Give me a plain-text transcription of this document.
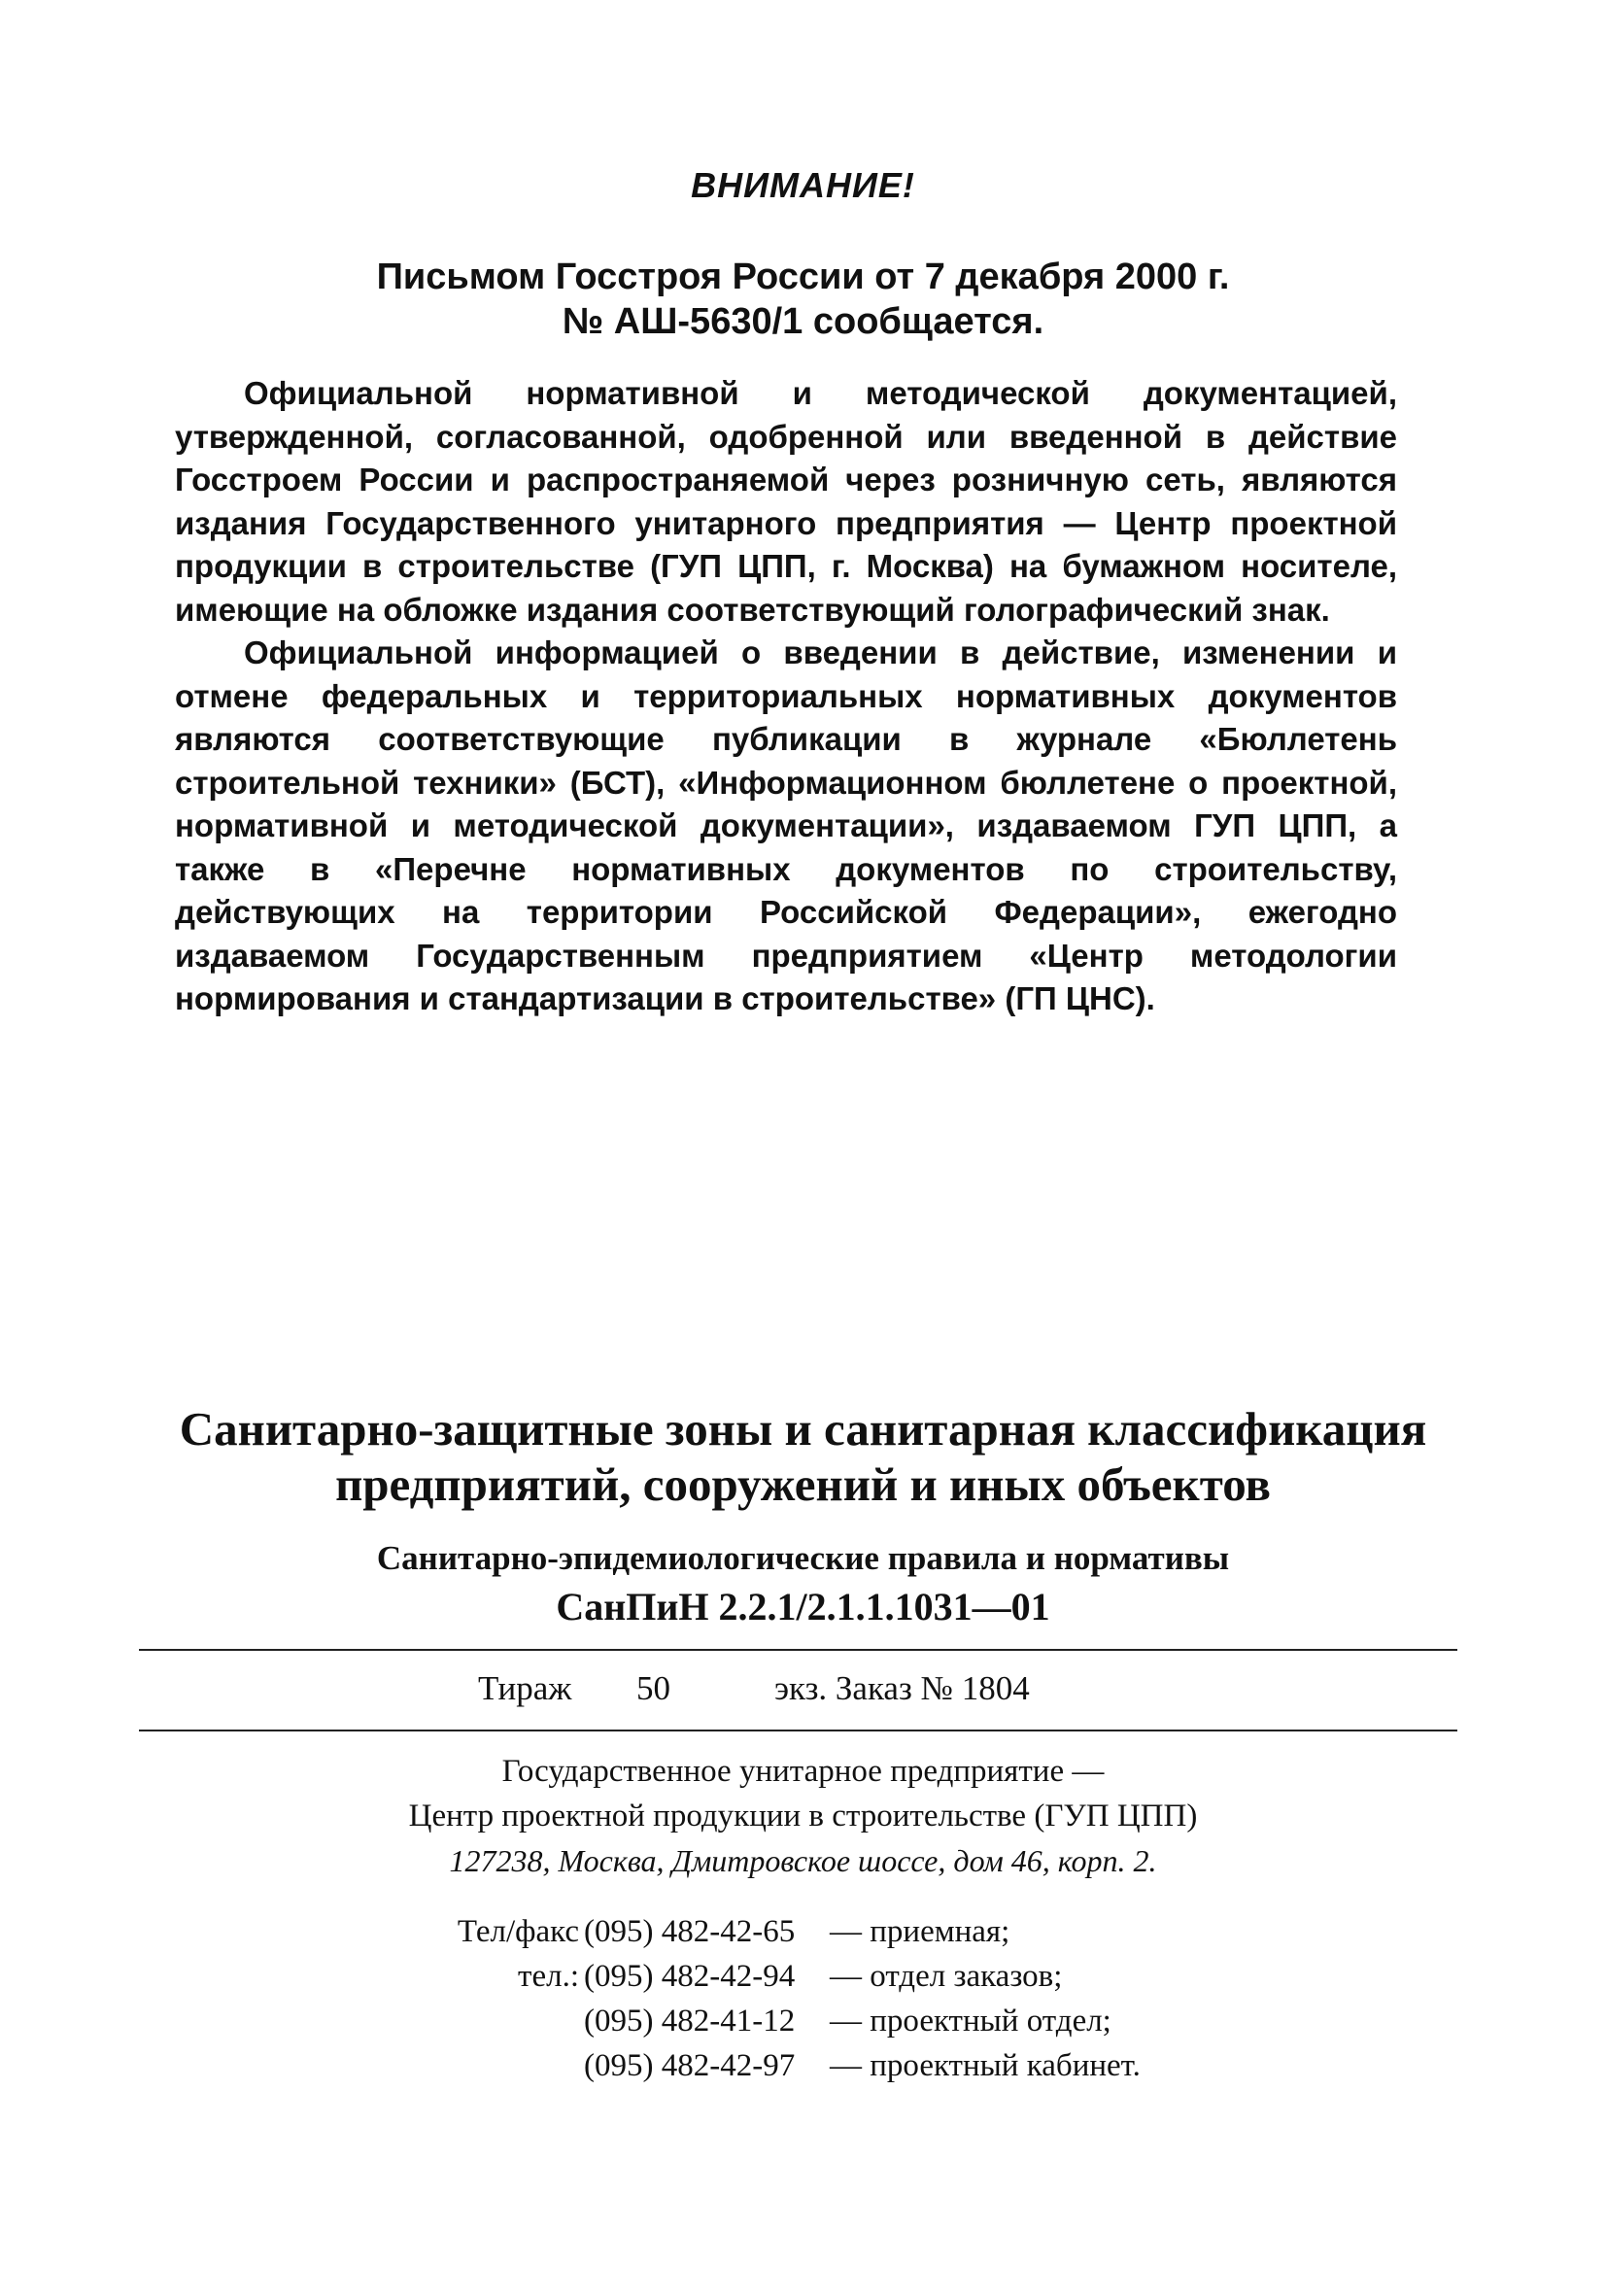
ВНИМАНИЕ!
Письмом Госстроя России от 7 декабря 2000 г.
№ АШ-5630/1 сообщается.

Официальной нормативной и методической документацией, утвержденной, согласованной, одобренной или введенной в действие Госстроем России и распространяемой через розничную сеть, являются издания Государственного унитарного предприятия — Центр проектной продукции в строительстве (ГУП ЦПП, г. Москва) на бумажном носителе, имеющие на обложке издания соответствующий голографический знак.

Официальной информацией о введении в действие, изменении и отмене федеральных и территориальных нормативных документов являются соответствующие публикации в журнале «Бюллетень строительной техники» (БСТ), «Информационном бюллетене о проектной, нормативной и методической документации», издаваемом ГУП ЦПП, а также в «Перечне нормативных документов по строительству, действующих на территории Российской Федерации», ежегодно издаваемом Государственным предприятием «Центр методологии нормирования и стандартизации в строительстве» (ГП ЦНС).

Санитарно-защитные зоны и санитарная классификация
предприятий, сооружений и иных объектов
Санитарно-эпидемиологические правила и нормативы
СанПиН 2.2.1/2.1.1.1031—01
Тираж 50	экз. Заказ № 1804
Государственное унитарное предприятие —
Центр проектной продукции в строительстве (ГУП ЦПП)
127238, Москва, Дмитровское шоссе, дом 46, корп. 2.
Тел/факс (095) 482-42-65 — приемная;
тел.: (095) 482-42-94 — отдел заказов;
(095) 482-41-12 — проектный отдел;
(095) 482-42-97 — проектный кабинет.
